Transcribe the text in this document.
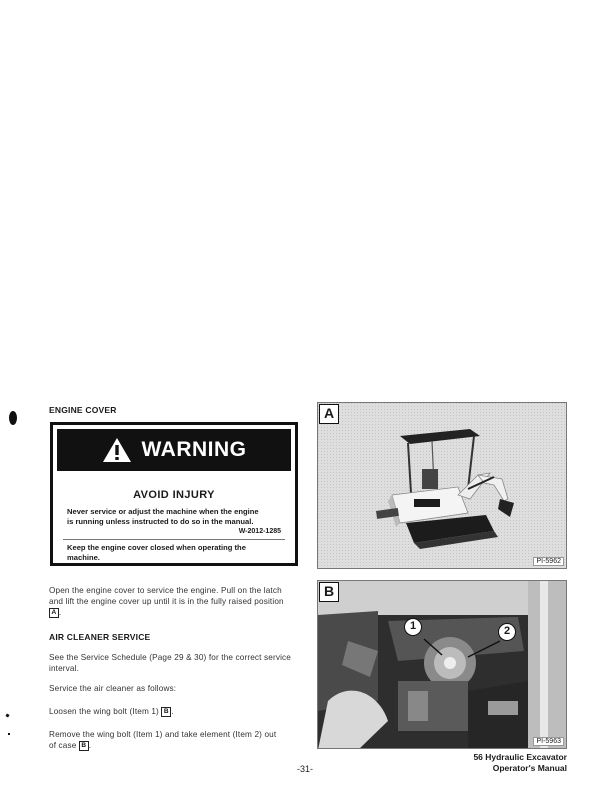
ENGINE COVER
WARNING
AVOID INJURY
Never service or adjust the machine when the engine
is running unless instructed to do so in the manual.
W-2012-1285
Keep the engine cover closed when operating the
machine.
Open the engine cover to service the engine. Pull on the latch
and lift the engine cover up until it is in the fully raised position
A .
AIR CLEANER SERVICE
See the Service Schedule (Page 29 & 30) for the correct service
interval.
Service the air cleaner as follows:
Loosen the wing bolt (Item 1) B .
Remove the wing bolt (Item 1) and take element (Item 2) out
of case B .
A
PI-5962
B
1	2
PI-5963
-31-
56 Hydraulic Excavator
Operator's Manual
